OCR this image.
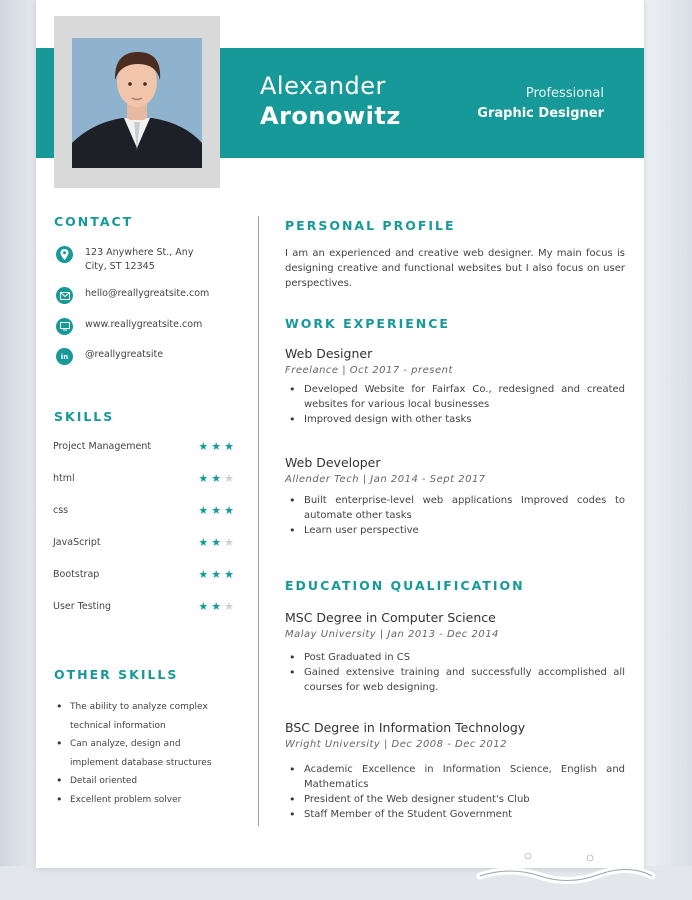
Alexander
Aronowitz
Professional
Graphic Designer
CONTACT
123 Anywhere St., Any
City, ST 12345
hello@reallygreatsite.com
www.reallygreatsite.com
in @reallygreatsite
SKILLS
Project Management	★★★
html	★★★
css	★★★
JavaScript	★★★
Bootstrap	★★★
User Testing	★★★
OTHER SKILLS
• The ability to analyze complex technical information
• Can analyze, design and implement database structures
• Detail oriented
• Excellent problem solver
PERSONAL PROFILE

I am an experienced and creative web designer. My main focus is designing creative and functional websites but I also focus on user perspectives.

WORK EXPERIENCE
Web Designer
Freelance | Oct 2017 - present
• Developed Website for Fairfax Co., redesigned and created websites for various local businesses
• Improved design with other tasks
Web Developer
Allender Tech | Jan 2014 - Sept 2017
• Built enterprise-level web applications Improved codes to automate other tasks
• Learn user perspective
EDUCATION QUALIFICATION
MSC Degree in Computer Science
Malay University | Jan 2013 - Dec 2014
• Post Graduated in CS
• Gained extensive training and successfully accomplished all courses for web designing.
BSC Degree in Information Technology
Wright University | Dec 2008 - Dec 2012
• Academic Excellence in Information Science, English and Mathematics
• President of the Web designer student's Club
• Staff Member of the Student Government
